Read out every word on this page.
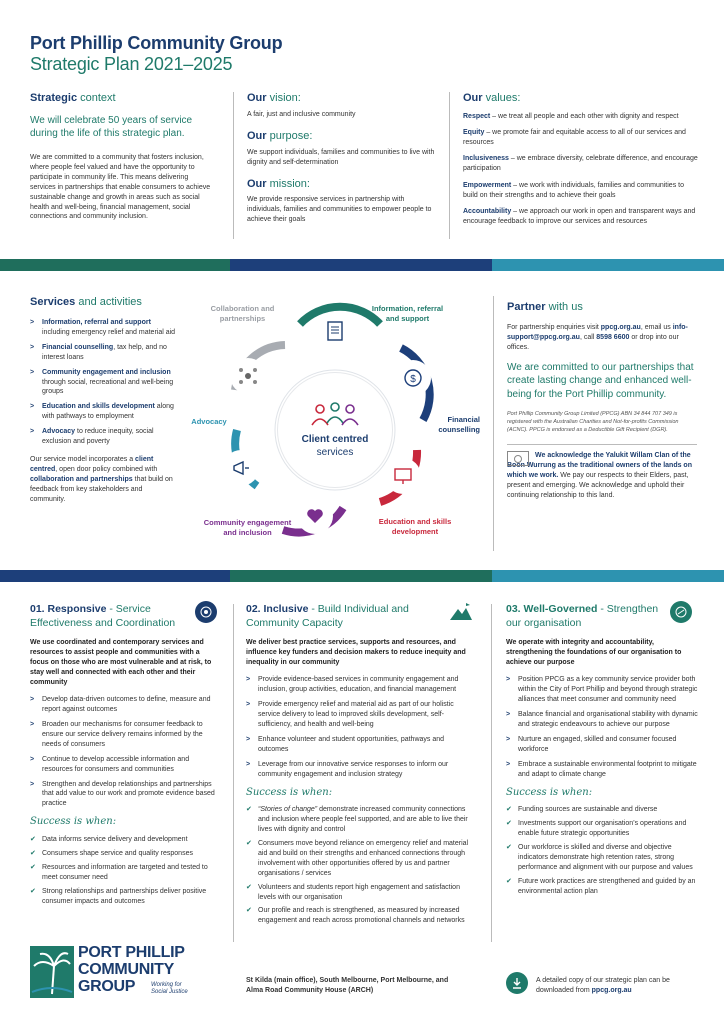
Port Phillip Community Group
Strategic Plan 2021–2025
Strategic context
We will celebrate 50 years of service during the life of this strategic plan.
We are committed to a community that fosters inclusion, where people feel valued and have the opportunity to participate in community life. This means delivering services in partnerships that enable consumers to achieve sustainable change and growth in areas such as social health and well-being, financial management, social connections and community inclusion.
Our vision:
A fair, just and inclusive community
Our purpose:
We support individuals, families and communities to live with dignity and self-determination
Our mission:
We provide responsive services in partnership with individuals, families and communities to empower people to achieve their goals
Our values:

Respect – we treat all people and each other with dignity and respect

Equity – we promote fair and equitable access to all of our services and resources

Inclusiveness – we embrace diversity, celebrate difference, and encourage participation

Empowerment – we work with individuals, families and communities to build on their strengths and to achieve their goals

Accountability – we approach our work in open and transparent ways and encourage feedback to improve our services and resources

Services and activities
> Information, referral and support including emergency relief and material aid
> Financial counselling, tax help, and no interest loans
> Community engagement and inclusion through social, recreational and well-being groups
> Education and skills development along with pathways to employment
> Advocacy to reduce inequity, social exclusion and poverty
Our service model incorporates a client centred, open door policy combined with collaboration and partnerships that build on feedback from key stakeholders and community.
Client centred
services
$
Collaboration and partnerships
Information, referral and support
Financial counselling
Education and skills development
Community engagement and inclusion
Advocacy
Partner with us
For partnership enquiries visit ppcg.org.au, email us info-support@ppcg.org.au, call 8598 6600 or drop into our offices.
We are committed to our partnerships that create lasting change and enhanced well-being for the Port Phillip community.
Port Phillip Community Group Limited (PPCG) ABN 34 844 707 349 is registered with the Australian Charities and Not-for-profits Commission (ACNC). PPCG is endorsed as a Deductible Gift Recipient (DGR).
We acknowledge the Yalukit Willam Clan of the Boon Wurrung as the traditional owners of the lands on which we work. We pay our respects to their Elders, past, present and emerging. We acknowledge and uphold their continuing relationship to this land.
01. Responsive - Service Effectiveness and Coordination
We use coordinated and contemporary services and resources to assist people and communities with a focus on those who are most vulnerable and at risk, to stay well and connected with each other and their community
> Develop data-driven outcomes to define, measure and report against outcomes
> Broaden our mechanisms for consumer feedback to ensure our service delivery remains informed by the needs of consumers
> Continue to develop accessible information and resources for consumers and communities
> Strengthen and develop relationships and partnerships that add value to our work and promote evidence based practice
Success is when:
✔ Data informs service delivery and development
✔ Consumers shape service and quality responses
✔ Resources and information are targeted and tested to meet consumer need
✔ Strong relationships and partnerships deliver positive consumer impacts and outcomes
02. Inclusive - Build Individual and Community Capacity
We deliver best practice services, supports and resources, and influence key funders and decision makers to reduce inequity and inequality in our community
> Provide evidence-based services in community engagement and inclusion, group activities, education, and financial management
> Provide emergency relief and material aid as part of our holistic service delivery to lead to improved skills development, self-sufficiency, and health and well-being
> Enhance volunteer and student opportunities, pathways and outcomes
> Leverage from our innovative service responses to inform our community engagement and inclusion strategy
Success is when:
✔ “Stories of change” demonstrate increased community connections and inclusion where people feel supported, and are able to live their lives with dignity and control
✔ Consumers move beyond reliance on emergency relief and material aid and build on their strengths and enhanced connections through involvement with other opportunities offered by us and partner organisations / services
✔ Volunteers and students report high engagement and satisfaction levels with our organisation
✔ Our profile and reach is strengthened, as measured by increased engagement and reach across promotional channels and networks
03. Well-Governed - Strengthen our organisation
We operate with integrity and accountability, strengthening the foundations of our organisation to achieve our purpose
> Position PPCG as a key community service provider both within the City of Port Phillip and beyond through strategic alliances that meet consumer and community need
> Balance financial and organisational stability with dynamic and strategic endeavours to achieve our purpose
> Nurture an engaged, skilled and consumer focused workforce
> Embrace a sustainable environmental footprint to mitigate and adapt to climate change
Success is when:
✔ Funding sources are sustainable and diverse
✔ Investments support our organisation’s operations and enable future strategic opportunities
✔ Our workforce is skilled and diverse and objective indicators demonstrate high retention rates, strong performance and alignment with our purpose and values
✔ Future work practices are strengthened and guided by an environmental action plan
PORT PHILLIP
COMMUNITY
GROUP	Working for Social Justice
St Kilda (main office), South Melbourne, Port Melbourne, and Alma Road Community House (ARCH)
A detailed copy of our strategic plan can be downloaded from ppcg.org.au
